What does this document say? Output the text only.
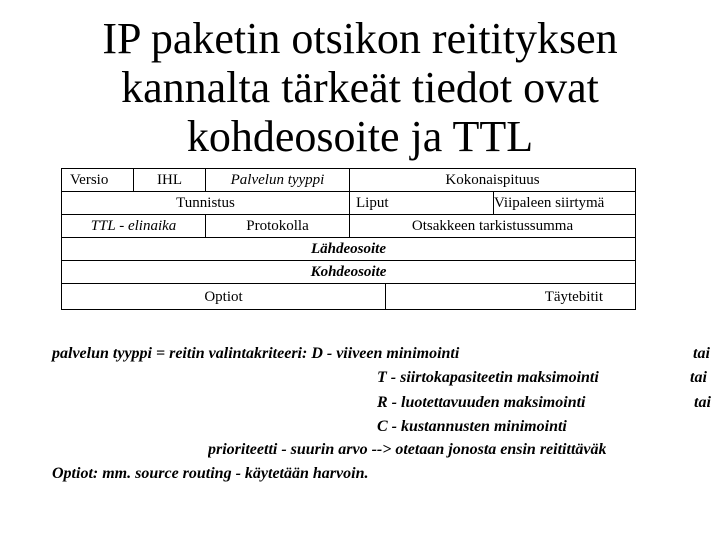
IP paketin otsikon reitityksen
kannalta tärkeät tiedot ovat
kohdeosoite ja TTL
Versio	IHL	Palvelun tyyppi	Kokonaispituus		
Tunnistus			Liput		Viipaleen siirtymä
TTL - elinaika		Protokolla	Otsakkeen tarkistussumma		
Lähdeosoite					
Kohdeosoite					
Optiot				Täytebitit	
palvelun tyyppi = reitin valintakriteeri: D - viiveen minimointi	tai
T - siirtokapasiteetin maksimointi	tai
R - luotettavuuden maksimointi	tai
C - kustannusten minimointi
prioriteetti - suurin arvo --> otetaan jonosta ensin reitittäväk
Optiot: mm. source routing - käytetään harvoin.
